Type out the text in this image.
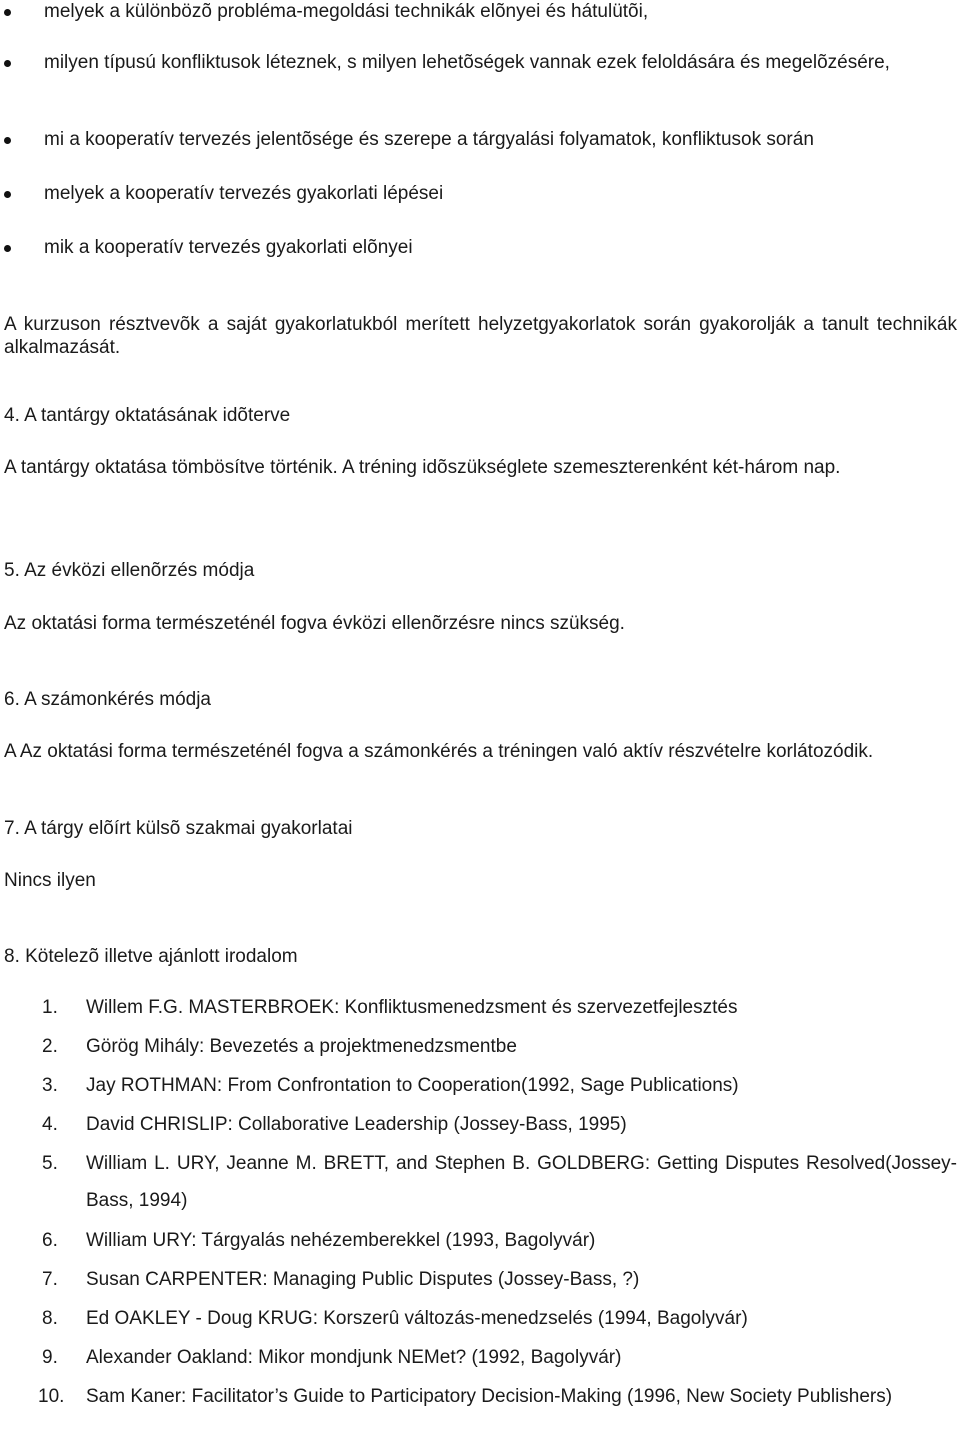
melyek a különbözõ probléma-megoldási technikák elõnyei és hátulütõi,
milyen típusú konfliktusok léteznek, s milyen lehetõségek vannak ezek feloldására és megelõzésére,
mi a kooperatív tervezés jelentõsége és szerepe a tárgyalási folyamatok, konfliktusok során
melyek a kooperatív tervezés gyakorlati lépései
mik a kooperatív tervezés gyakorlati elõnyei

A kurzuson résztvevõk a saját gyakorlatukból merített helyzetgyakorlatok során gyakorolják a tanult technikák alkalmazását.

4. A tantárgy oktatásának idõterve

A tantárgy oktatása tömbösítve történik. A tréning idõszükséglete szemeszterenként két-három nap.

5. Az évközi ellenõrzés módja

Az oktatási forma természeténél fogva évközi ellenõrzésre nincs szükség.

6. A számonkérés módja

A Az oktatási forma természeténél fogva a számonkérés a tréningen való aktív részvételre korlátozódik.

7. A tárgy elõírt külsõ szakmai gyakorlatai
Nincs ilyen
8. Kötelezõ illetve ajánlott irodalom
1. Willem F.G. MASTERBROEK: Konfliktusmenedzsment és szervezetfejlesztés
2. Görög Mihály: Bevezetés a projektmenedzsmentbe
3. Jay ROTHMAN: From Confrontation to Cooperation(1992, Sage Publications)
4. David CHRISLIP: Collaborative Leadership (Jossey-Bass, 1995)
5. William L. URY, Jeanne M. BRETT, and Stephen B. GOLDBERG: Getting Disputes Resolved(Jossey-Bass, 1994)
6. William URY: Tárgyalás nehézemberekkel (1993, Bagolyvár)
7. Susan CARPENTER: Managing Public Disputes (Jossey-Bass, ?)
8. Ed OAKLEY - Doug KRUG: Korszerû változás-menedzselés (1994, Bagolyvár)
9. Alexander Oakland: Mikor mondjunk NEMet? (1992, Bagolyvár)
10. Sam Kaner: Facilitator’s Guide to Participatory Decision-Making (1996, New Society Publishers)
